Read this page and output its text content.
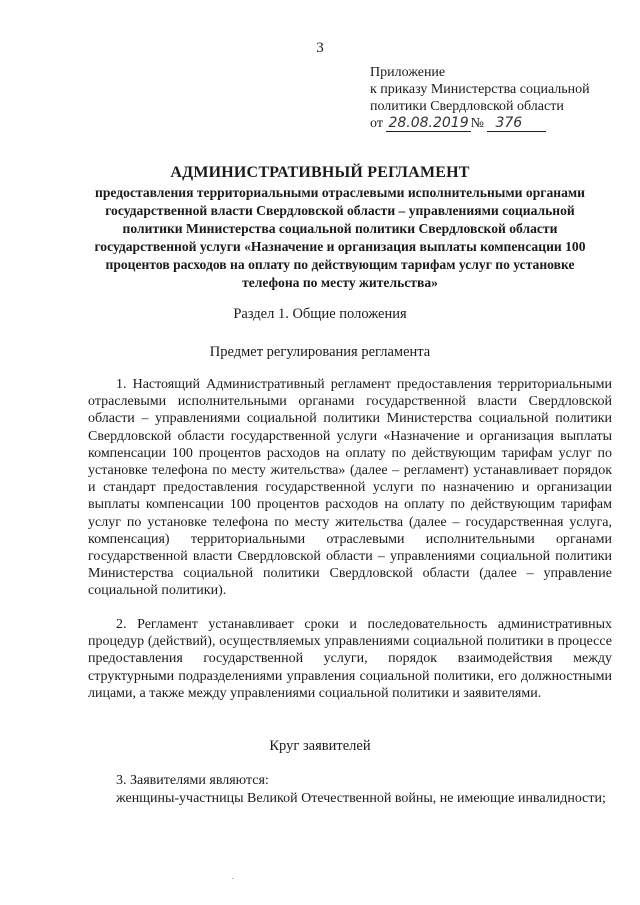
3
Приложение
к приказу Министерства социальной
политики Свердловской области
от 28.08.2019 № 376
АДМИНИСТРАТИВНЫЙ РЕГЛАМЕНТ
предоставления территориальными отраслевыми исполнительными органами государственной власти Свердловской области – управлениями социальной политики Министерства социальной политики Свердловской области государственной услуги «Назначение и организация выплаты компенсации 100 процентов расходов на оплату по действующим тарифам услуг по установке телефона по месту жительства»
Раздел 1. Общие положения
Предмет регулирования регламента
1. Настоящий Административный регламент предоставления территориальными отраслевыми исполнительными органами государственной власти Свердловской области – управлениями социальной политики Министерства социальной политики Свердловской области государственной услуги «Назначение и организация выплаты компенсации 100 процентов расходов на оплату по действующим тарифам услуг по установке телефона по месту жительства» (далее – регламент) устанавливает порядок и стандарт предоставления государственной услуги по назначению и организации выплаты компенсации 100 процентов расходов на оплату по действующим тарифам услуг по установке телефона по месту жительства (далее – государственная услуга, компенсация) территориальными отраслевыми исполнительными органами государственной власти Свердловской области – управлениями социальной политики Министерства социальной политики Свердловской области (далее – управление социальной политики).
2. Регламент устанавливает сроки и последовательность административных процедур (действий), осуществляемых управлениями социальной политики в процессе предоставления государственной услуги, порядок взаимодействия между структурными подразделениями управления социальной политики, его должностными лицами, а также между управлениями социальной политики и заявителями.
Круг заявителей
3. Заявителями являются:
женщины-участницы Великой Отечественной войны, не имеющие инвалидности;
